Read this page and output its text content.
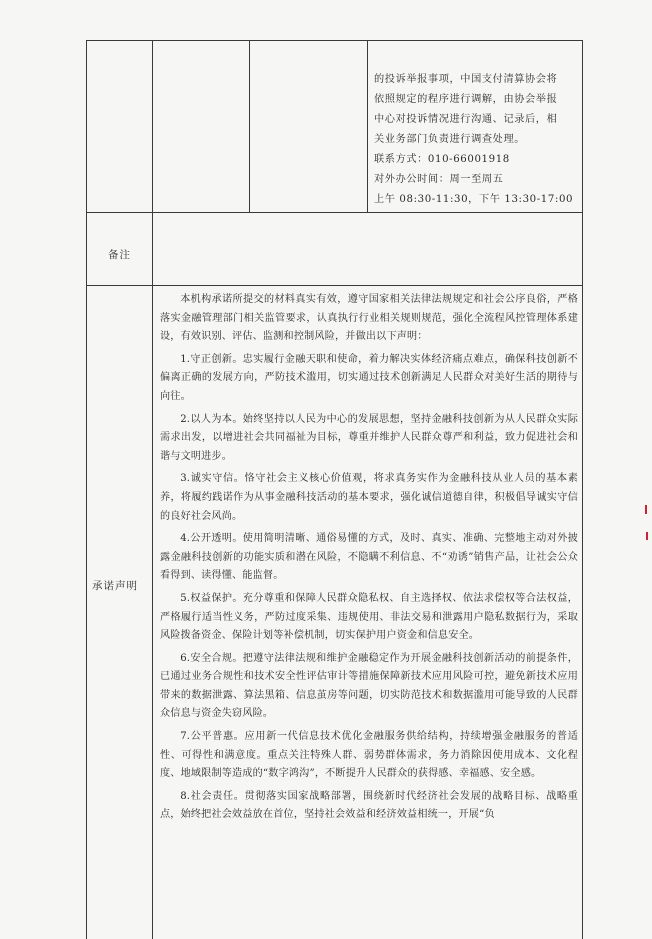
的投诉举报事项，中国支付清算协会将

依照规定的程序进行调解，由协会举报

中心对投诉情况进行沟通、记录后，相

关业务部门负责进行调查处理。

联系方式：010-66001918

对外办公时间：周一至周五

上午 08:30-11:30，下午 13:30-17:00

备注
承诺声明

本机构承诺所提交的材料真实有效，遵守国家相关法律法规规定和社会公序良俗，严格落实金融管理部门相关监管要求，认真执行行业相关规则规范，强化全流程风控管理体系建设，有效识别、评估、监测和控制风险，并做出以下声明：

1.守正创新。忠实履行金融天职和使命，着力解决实体经济痛点难点，确保科技创新不偏离正确的发展方向，严防技术滥用，切实通过技术创新满足人民群众对美好生活的期待与向往。

2.以人为本。始终坚持以人民为中心的发展思想，坚持金融科技创新为从人民群众实际需求出发，以增进社会共同福祉为目标，尊重并维护人民群众尊严和利益，致力促进社会和谐与文明进步。

3.诚实守信。恪守社会主义核心价值观，将求真务实作为金融科技从业人员的基本素养，将履约践诺作为从事金融科技活动的基本要求，强化诚信道德自律，积极倡导诚实守信的良好社会风尚。

4.公开透明。使用简明清晰、通俗易懂的方式，及时、真实、准确、完整地主动对外披露金融科技创新的功能实质和潜在风险，不隐瞒不利信息、不“劝诱”销售产品，让社会公众看得到、读得懂、能监督。

5.权益保护。充分尊重和保障人民群众隐私权、自主选择权、依法求偿权等合法权益，严格履行适当性义务，严防过度采集、违规使用、非法交易和泄露用户隐私数据行为，采取风险拨备资金、保险计划等补偿机制，切实保护用户资金和信息安全。

6.安全合规。把遵守法律法规和维护金融稳定作为开展金融科技创新活动的前提条件，已通过业务合规性和技术安全性评估审计等措施保障新技术应用风险可控，避免新技术应用带来的数据泄露、算法黑箱、信息茧房等问题，切实防范技术和数据滥用可能导致的人民群众信息与资金失窃风险。

7.公平普惠。应用新一代信息技术优化金融服务供给结构，持续增强金融服务的普适性、可得性和满意度。重点关注特殊人群、弱势群体需求，务力消除因使用成本、文化程度、地域限制等造成的“数字鸿沟”，不断提升人民群众的获得感、幸福感、安全感。

8.社会责任。贯彻落实国家战略部署，围绕新时代经济社会发展的战略目标、战略重点，始终把社会效益放在首位，坚持社会效益和经济效益相统一，开展“负
